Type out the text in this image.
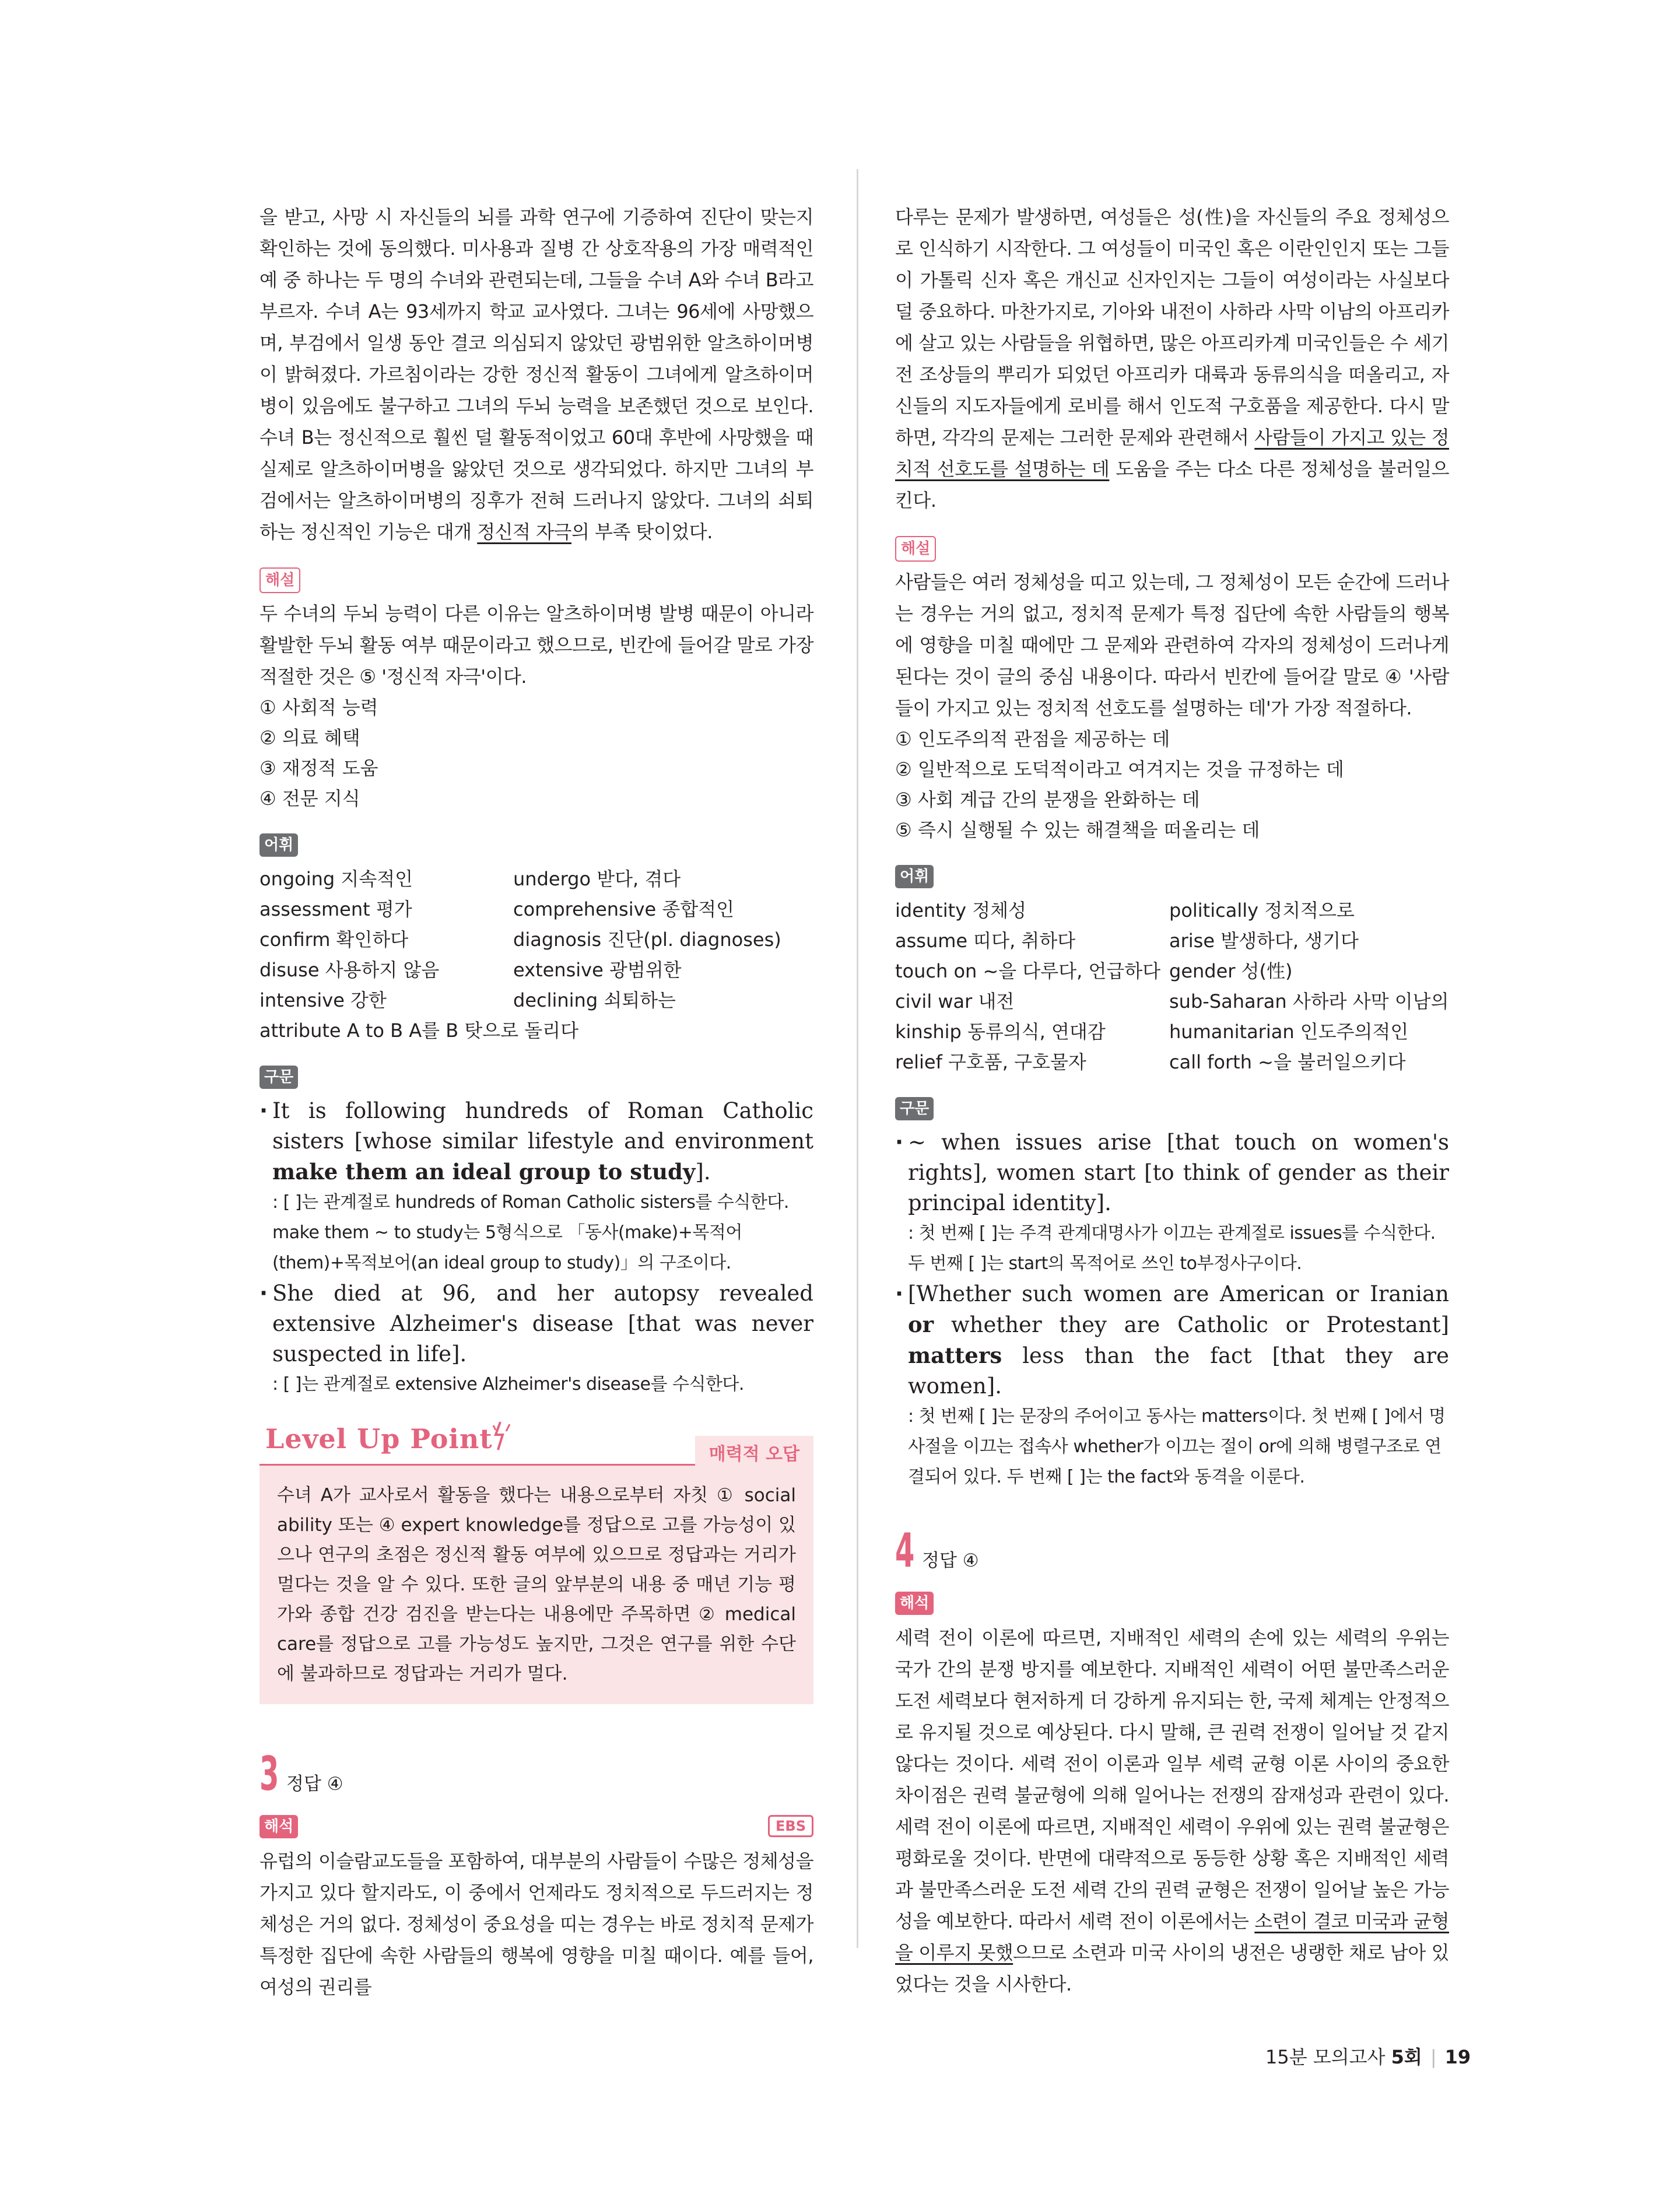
을 받고, 사망 시 자신들의 뇌를 과학 연구에 기증하여 진단이 맞는지 확인하는 것에 동의했다. 미사용과 질병 간 상호작용의 가장 매력적인 예 중 하나는 두 명의 수녀와 관련되는데, 그들을 수녀 A와 수녀 B라고 부르자. 수녀 A는 93세까지 학교 교사였다. 그녀는 96세에 사망했으며, 부검에서 일생 동안 결코 의심되지 않았던 광범위한 알츠하이머병이 밝혀졌다. 가르침이라는 강한 정신적 활동이 그녀에게 알츠하이머병이 있음에도 불구하고 그녀의 두뇌 능력을 보존했던 것으로 보인다. 수녀 B는 정신적으로 훨씬 덜 활동적이었고 60대 후반에 사망했을 때 실제로 알츠하이머병을 앓았던 것으로 생각되었다. 하지만 그녀의 부검에서는 알츠하이머병의 징후가 전혀 드러나지 않았다. 그녀의 쇠퇴하는 정신적인 기능은 대개 정신적 자극의 부족 탓이었다.

해설

두 수녀의 두뇌 능력이 다른 이유는 알츠하이머병 발병 때문이 아니라 활발한 두뇌 활동 여부 때문이라고 했으므로, 빈칸에 들어갈 말로 가장 적절한 것은 ⑤ '정신적 자극'이다.

① 사회적 능력
② 의료 혜택
③ 재정적 도움
④ 전문 지식
어휘
ongoing 지속적인	undergo 받다, 겪다
assessment 평가	comprehensive 종합적인
confirm 확인하다	diagnosis 진단(pl. diagnoses)
disuse 사용하지 않음	extensive 광범위한
intensive 강한	declining 쇠퇴하는
attribute A to B A를 B 탓으로 돌리다
구문
· It is following hundreds of Roman Catholic sisters [whose similar lifestyle and environment make them an ideal group to study].
: [ ]는 관계절로 hundreds of Roman Catholic sisters를 수식한다. make them ~ to study는 5형식으로 「동사(make)+목적어(them)+목적보어(an ideal group to study)」의 구조이다.
· She died at 96, and her autopsy revealed extensive Alzheimer's disease [that was never suspected in life].
: [ ]는 관계절로 extensive Alzheimer's disease를 수식한다.
Level Up Point	매력적 오답
수녀 A가 교사로서 활동을 했다는 내용으로부터 자칫 ① social ability 또는 ④ expert knowledge를 정답으로 고를 가능성이 있으나 연구의 초점은 정신적 활동 여부에 있으므로 정답과는 거리가 멀다는 것을 알 수 있다. 또한 글의 앞부분의 내용 중 매년 기능 평가와 종합 건강 검진을 받는다는 내용에만 주목하면 ② medical care를 정답으로 고를 가능성도 높지만, 그것은 연구를 위한 수단에 불과하므로 정답과는 거리가 멀다.
3 정답 ④
해석	EBS

유럽의 이슬람교도들을 포함하여, 대부분의 사람들이 수많은 정체성을 가지고 있다 할지라도, 이 중에서 언제라도 정치적으로 두드러지는 정체성은 거의 없다. 정체성이 중요성을 띠는 경우는 바로 정치적 문제가 특정한 집단에 속한 사람들의 행복에 영향을 미칠 때이다. 예를 들어, 여성의 권리를

다루는 문제가 발생하면, 여성들은 성(性)을 자신들의 주요 정체성으로 인식하기 시작한다. 그 여성들이 미국인 혹은 이란인인지 또는 그들이 가톨릭 신자 혹은 개신교 신자인지는 그들이 여성이라는 사실보다 덜 중요하다. 마찬가지로, 기아와 내전이 사하라 사막 이남의 아프리카에 살고 있는 사람들을 위협하면, 많은 아프리카계 미국인들은 수 세기 전 조상들의 뿌리가 되었던 아프리카 대륙과 동류의식을 떠올리고, 자신들의 지도자들에게 로비를 해서 인도적 구호품을 제공한다. 다시 말하면, 각각의 문제는 그러한 문제와 관련해서 사람들이 가지고 있는 정치적 선호도를 설명하는 데 도움을 주는 다소 다른 정체성을 불러일으킨다.

해설

사람들은 여러 정체성을 띠고 있는데, 그 정체성이 모든 순간에 드러나는 경우는 거의 없고, 정치적 문제가 특정 집단에 속한 사람들의 행복에 영향을 미칠 때에만 그 문제와 관련하여 각자의 정체성이 드러나게 된다는 것이 글의 중심 내용이다. 따라서 빈칸에 들어갈 말로 ④ '사람들이 가지고 있는 정치적 선호도를 설명하는 데'가 가장 적절하다.

① 인도주의적 관점을 제공하는 데
② 일반적으로 도덕적이라고 여겨지는 것을 규정하는 데
③ 사회 계급 간의 분쟁을 완화하는 데
⑤ 즉시 실행될 수 있는 해결책을 떠올리는 데
어휘
identity 정체성	politically 정치적으로
assume 띠다, 취하다	arise 발생하다, 생기다
touch on ~을 다루다, 언급하다 gender 성(性)
civil war 내전	sub-Saharan 사하라 사막 이남의
kinship 동류의식, 연대감	humanitarian 인도주의적인
relief 구호품, 구호물자	call forth ~을 불러일으키다
구문
· ~ when issues arise [that touch on women's rights], women start [to think of gender as their principal identity].
: 첫 번째 [ ]는 주격 관계대명사가 이끄는 관계절로 issues를 수식한다. 두 번째 [ ]는 start의 목적어로 쓰인 to부정사구이다.
· [Whether such women are American or Iranian or whether they are Catholic or Protestant] matters less than the fact [that they are women].
: 첫 번째 [ ]는 문장의 주어이고 동사는 matters이다. 첫 번째 [ ]에서 명사절을 이끄는 접속사 whether가 이끄는 절이 or에 의해 병렬구조로 연결되어 있다. 두 번째 [ ]는 the fact와 동격을 이룬다.
4 정답 ④
해석

세력 전이 이론에 따르면, 지배적인 세력의 손에 있는 세력의 우위는 국가 간의 분쟁 방지를 예보한다. 지배적인 세력이 어떤 불만족스러운 도전 세력보다 현저하게 더 강하게 유지되는 한, 국제 체계는 안정적으로 유지될 것으로 예상된다. 다시 말해, 큰 권력 전쟁이 일어날 것 같지 않다는 것이다. 세력 전이 이론과 일부 세력 균형 이론 사이의 중요한 차이점은 권력 불균형에 의해 일어나는 전쟁의 잠재성과 관련이 있다. 세력 전이 이론에 따르면, 지배적인 세력이 우위에 있는 권력 불균형은 평화로울 것이다. 반면에 대략적으로 동등한 상황 혹은 지배적인 세력과 불만족스러운 도전 세력 간의 권력 균형은 전쟁이 일어날 높은 가능성을 예보한다. 따라서 세력 전이 이론에서는 소련이 결코 미국과 균형을 이루지 못했으므로 소련과 미국 사이의 냉전은 냉랭한 채로 남아 있었다는 것을 시사한다.

15분 모의고사 5회 | 19
